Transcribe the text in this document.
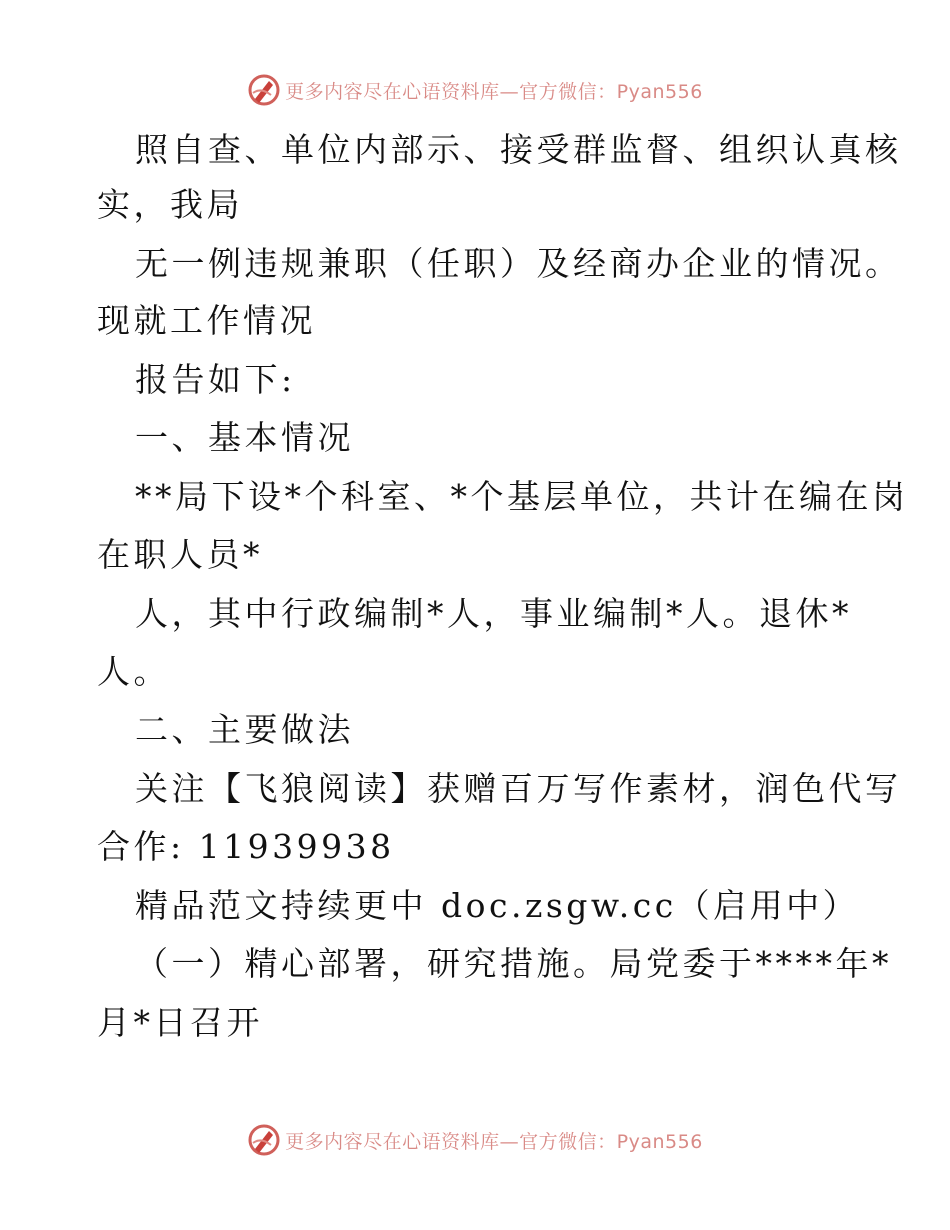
更多内容尽在心语资料库—官方微信：Pyan556
照自查、单位内部示、接受群监督、组织认真核
实，我局
无一例违规兼职（任职）及经商办企业的情况。
现就工作情况
报告如下:
一、基本情况
**局下设*个科室、*个基层单位，共计在编在岗
在职人员*
人，其中行政编制*人，事业编制*人。退休*
人。
二、主要做法
关注【飞狼阅读】获赠百万写作素材，润色代写
合作: 11939938
精品范文持续更中 doc.zsgw.cc（启用中）
（一）精心部署，研究措施。局党委于****年*
月*日召开
更多内容尽在心语资料库—官方微信：Pyan556
